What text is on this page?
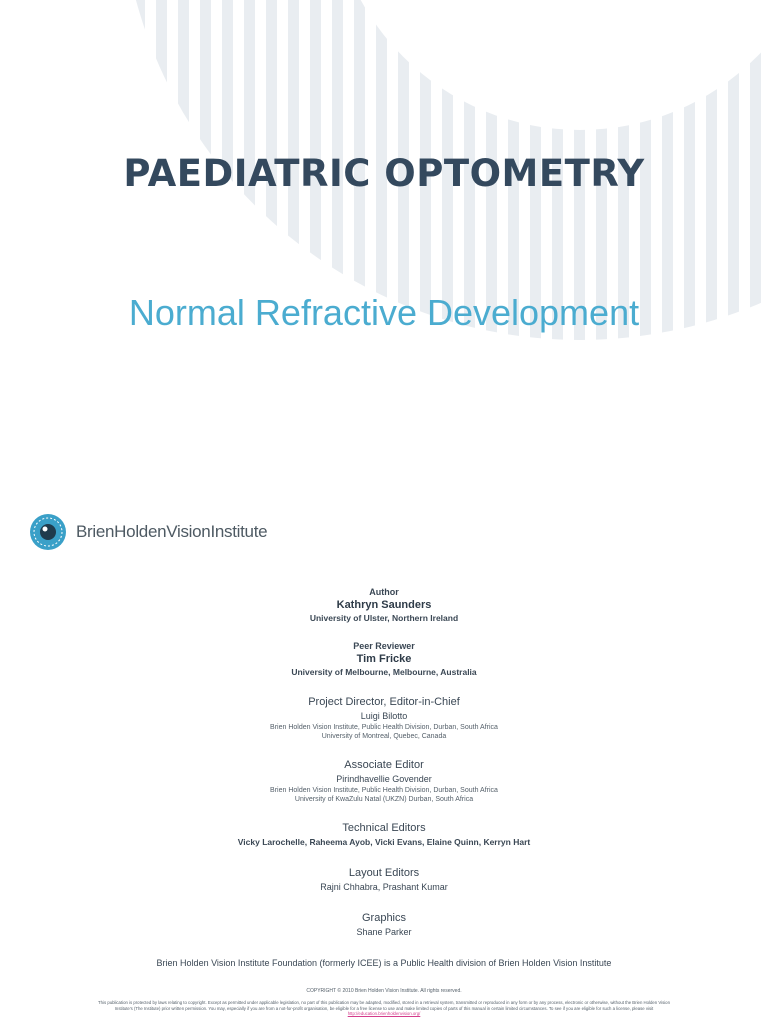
PAEDIATRIC OPTOMETRY
Normal Refractive Development
BrienHoldenVisionInstitute
Author
Kathryn Saunders
University of Ulster, Northern Ireland
Peer Reviewer
Tim Fricke
University of Melbourne, Melbourne, Australia
Project Director, Editor-in-Chief
Luigi Bilotto
Brien Holden Vision Institute, Public Health Division, Durban, South Africa
University of Montreal, Quebec, Canada
Associate Editor
Pirindhavellie Govender
Brien Holden Vision Institute, Public Health Division, Durban, South Africa
University of KwaZulu Natal (UKZN) Durban, South Africa
Technical Editors
Vicky Larochelle, Raheema Ayob, Vicki Evans, Elaine Quinn, Kerryn Hart
Layout Editors
Rajni Chhabra, Prashant Kumar
Graphics
Shane Parker
Brien Holden Vision Institute Foundation (formerly ICEE) is a Public Health division of Brien Holden Vision Institute
COPYRIGHT © 2010 Brien Holden Vision Institute. All rights reserved.
This publication is protected by laws relating to copyright. Except as permitted under applicable legislation, no part of this publication may be adapted, modified, stored in a retrieval system, transmitted or reproduced in any form or by any process, electronic or otherwise, without the Brien Holden Vision
Institute's (The Institute) prior written permission. You may, especially if you are from a not-for-profit organisation, be eligible for a free license to use and make limited copies of parts of this manual in certain limited circumstances. To see if you are eligible for such a license, please visit
http://education.brienholdenvision.org/
